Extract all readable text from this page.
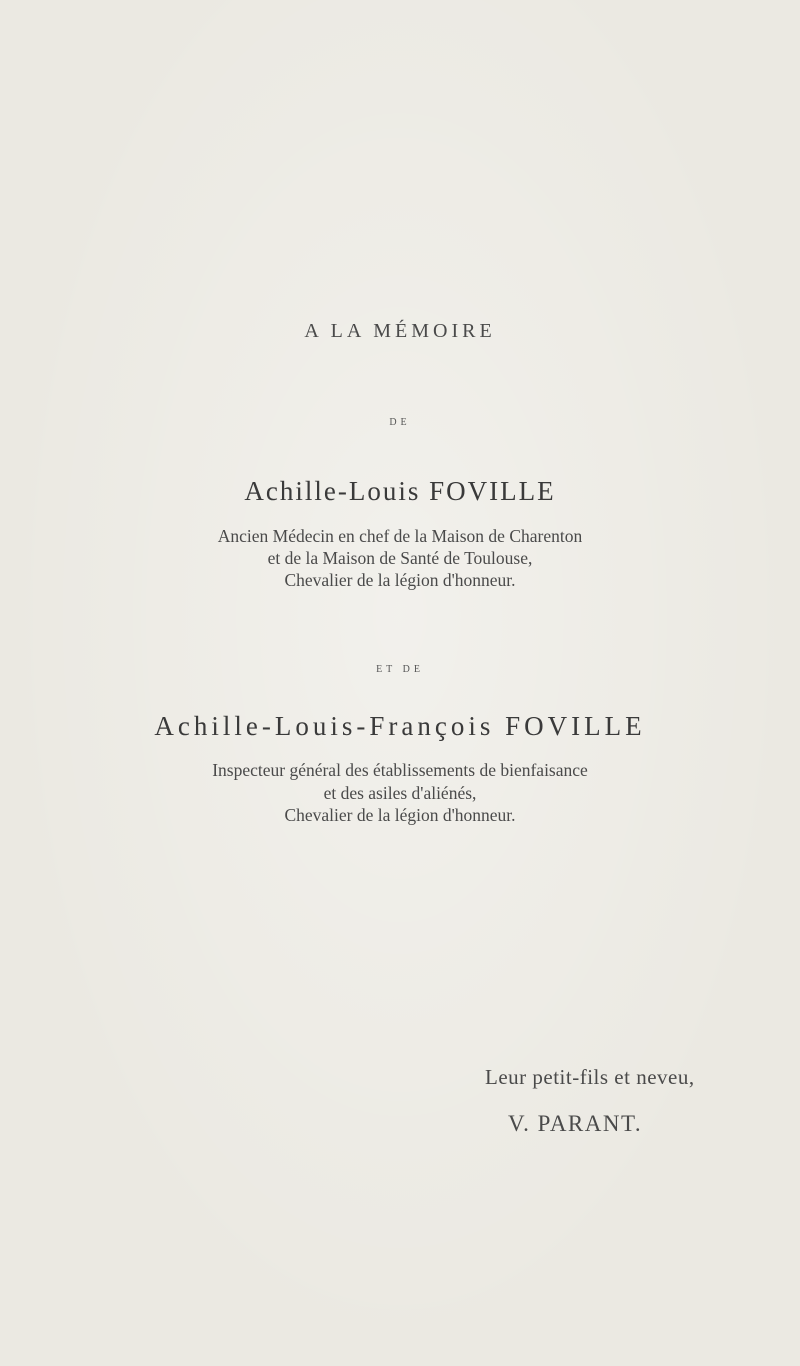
A LA MÉMOIRE
DE
Achille-Louis FOVILLE
Ancien Médecin en chef de la Maison de Charenton
et de la Maison de Santé de Toulouse,
Chevalier de la légion d'honneur.
ET DE
Achille-Louis-François FOVILLE
Inspecteur général des établissements de bienfaisance
et des asiles d'aliénés,
Chevalier de la légion d'honneur.
Leur petit-fils et neveu,
V. PARANT.
